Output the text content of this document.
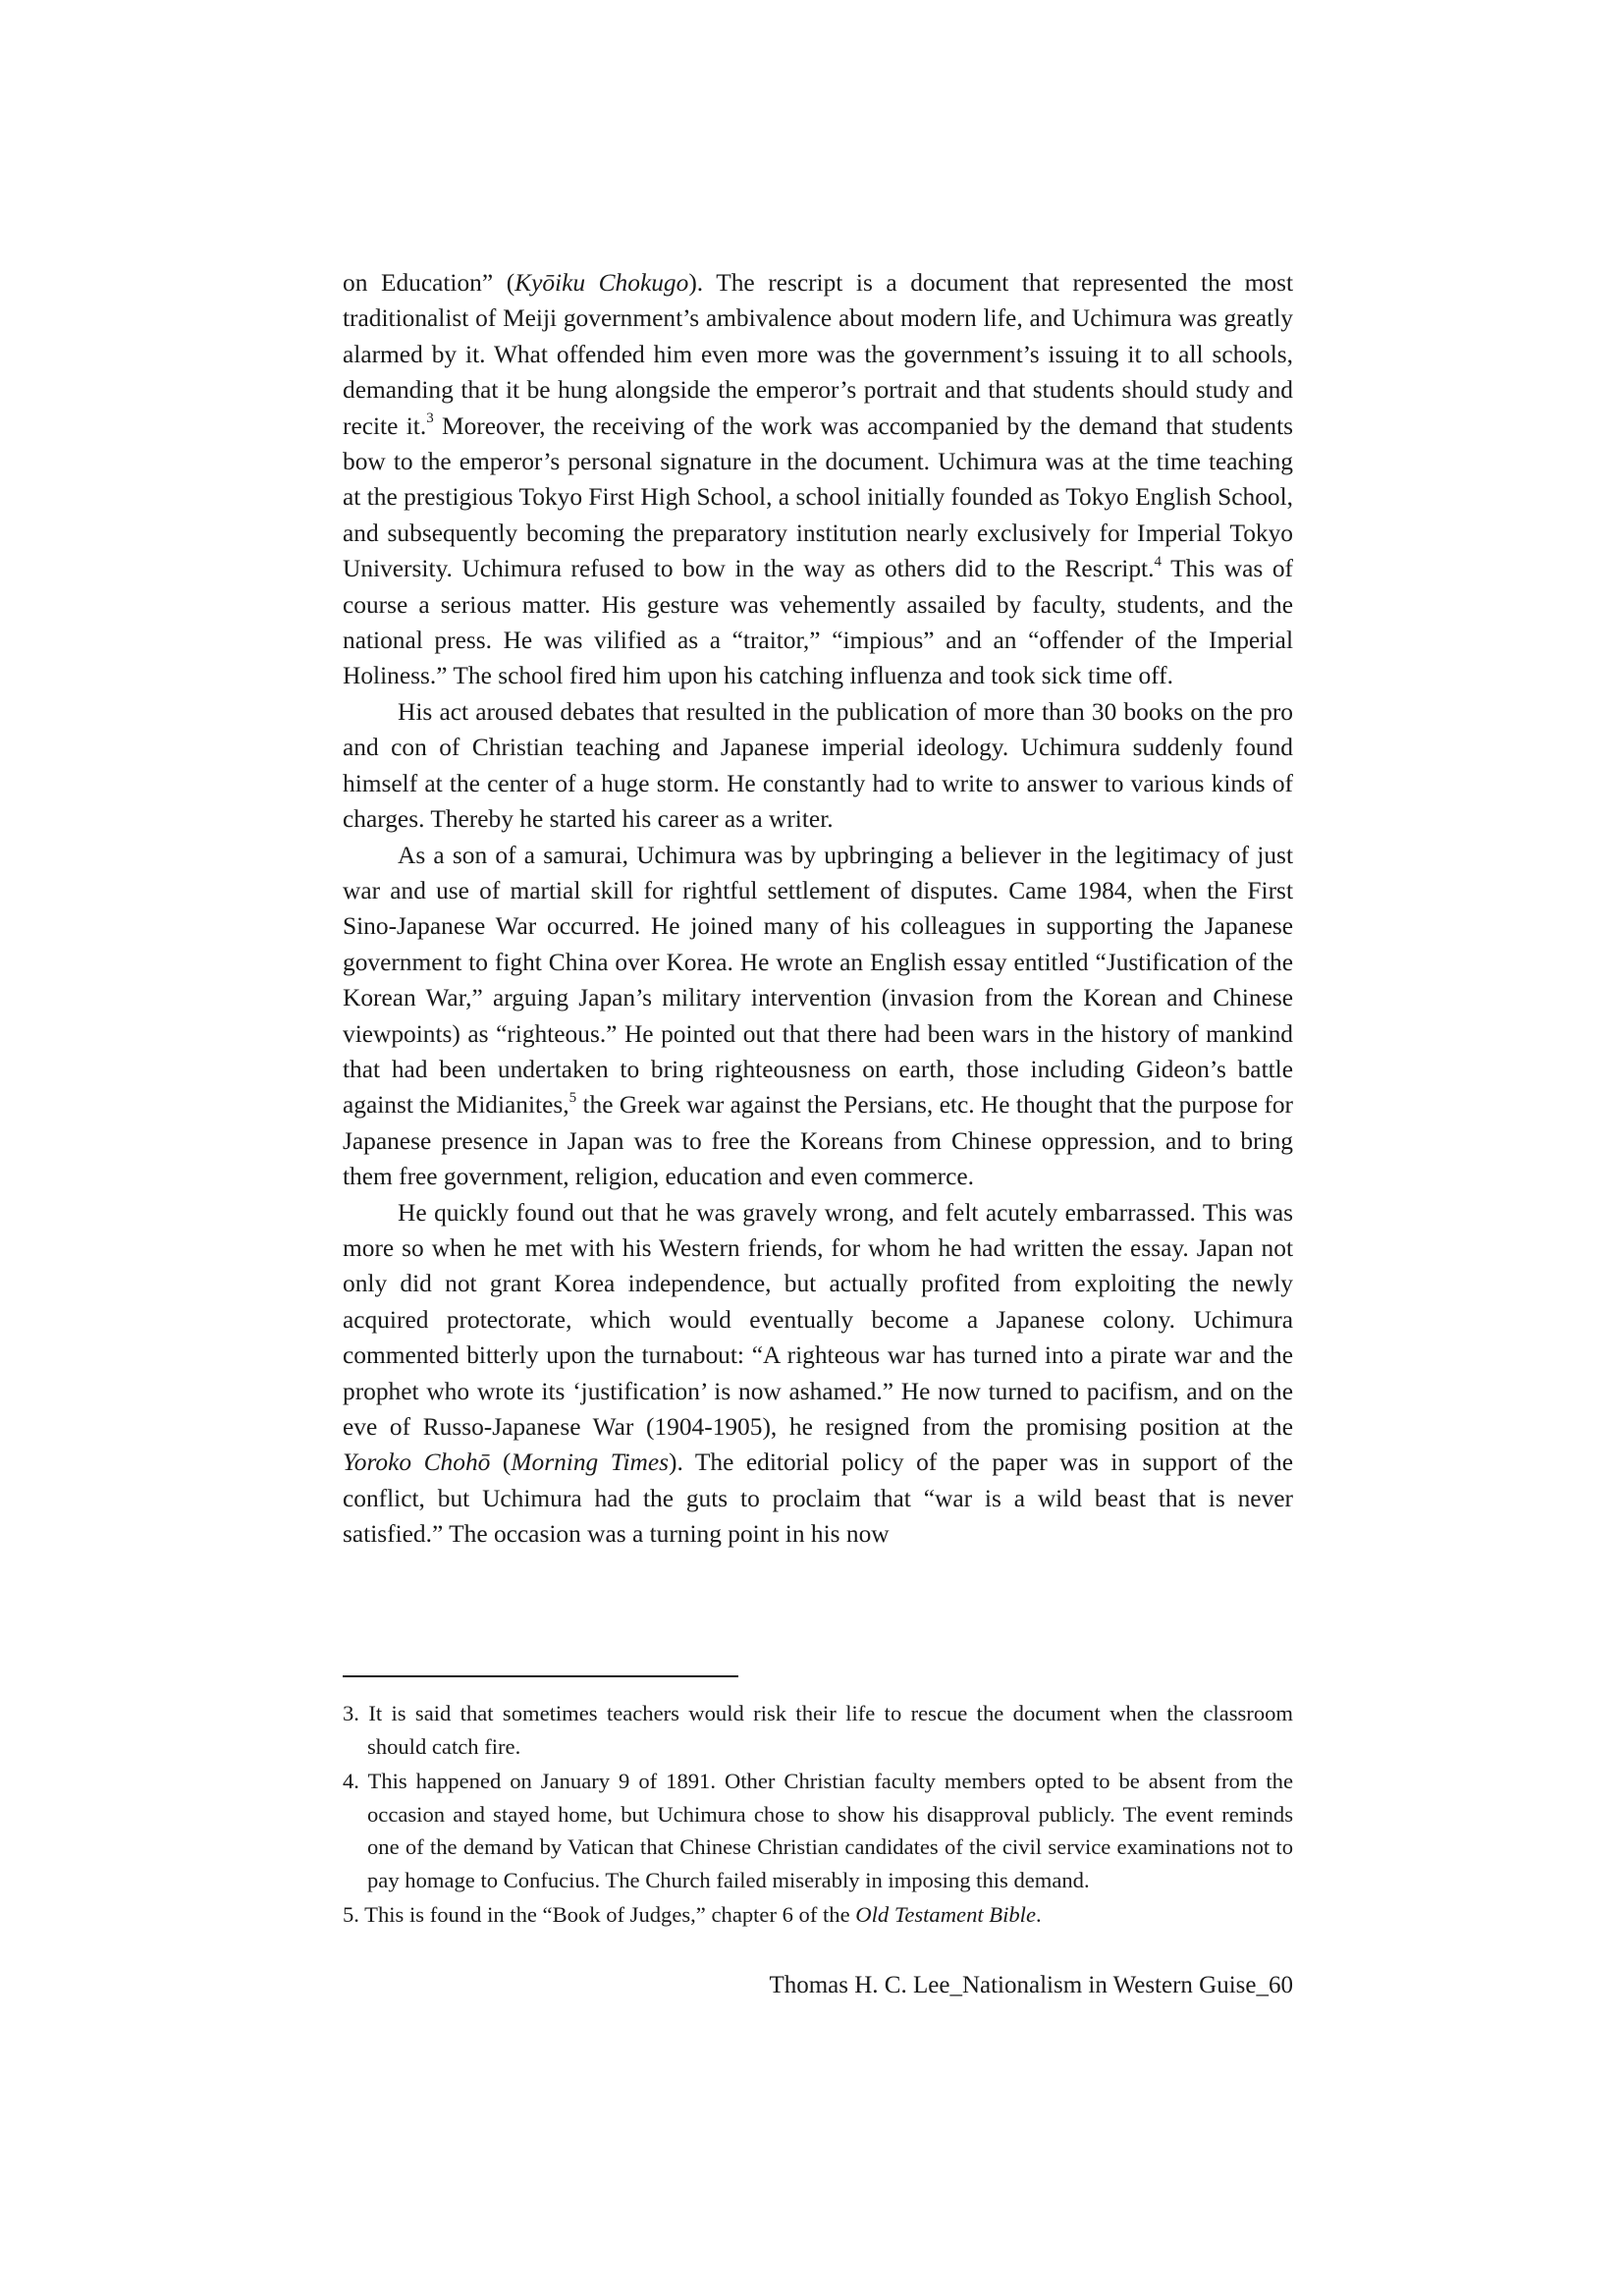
on Education” (Kyōiku Chokugo). The rescript is a document that represented the most traditionalist of Meiji government’s ambivalence about modern life, and Uchimura was greatly alarmed by it. What offended him even more was the government’s issuing it to all schools, demanding that it be hung alongside the emperor’s portrait and that students should study and recite it.$^3$ Moreover, the receiving of the work was accompanied by the demand that students bow to the emperor’s personal signature in the document. Uchimura was at the time teaching at the prestigious Tokyo First High School, a school initially founded as Tokyo English School, and subsequently becoming the preparatory institution nearly exclusively for Imperial Tokyo University. Uchimura refused to bow in the way as others did to the Rescript.$^4$ This was of course a serious matter. His gesture was vehemently assailed by faculty, students, and the national press. He was vilified as a “traitor,” “impious” and an “offender of the Imperial Holiness.” The school fired him upon his catching influenza and took sick time off.

His act aroused debates that resulted in the publication of more than 30 books on the pro and con of Christian teaching and Japanese imperial ideology. Uchimura suddenly found himself at the center of a huge storm. He constantly had to write to answer to various kinds of charges. Thereby he started his career as a writer.

As a son of a samurai, Uchimura was by upbringing a believer in the legitimacy of just war and use of martial skill for rightful settlement of disputes. Came 1984, when the First Sino-Japanese War occurred. He joined many of his colleagues in supporting the Japanese government to fight China over Korea. He wrote an English essay entitled “Justification of the Korean War,” arguing Japan’s military intervention (invasion from the Korean and Chinese viewpoints) as “righteous.” He pointed out that there had been wars in the history of mankind that had been undertaken to bring righteousness on earth, those including Gideon’s battle against the Midianites,$^5$ the Greek war against the Persians, etc. He thought that the purpose for Japanese presence in Japan was to free the Koreans from Chinese oppression, and to bring them free government, religion, education and even commerce.

He quickly found out that he was gravely wrong, and felt acutely embarrassed. This was more so when he met with his Western friends, for whom he had written the essay. Japan not only did not grant Korea independence, but actually profited from exploiting the newly acquired protectorate, which would eventually become a Japanese colony. Uchimura commented bitterly upon the turnabout: “A righteous war has turned into a pirate war and the prophet who wrote its ‘justification’ is now ashamed.” He now turned to pacifism, and on the eve of Russo-Japanese War (1904-1905), he resigned from the promising position at the Yoroko Chohō (Morning Times). The editorial policy of the paper was in support of the conflict, but Uchimura had the guts to proclaim that “war is a wild beast that is never satisfied.” The occasion was a turning point in his now

3. It is said that sometimes teachers would risk their life to rescue the document when the classroom should catch fire.
4. This happened on January 9 of 1891. Other Christian faculty members opted to be absent from the occasion and stayed home, but Uchimura chose to show his disapproval publicly. The event reminds one of the demand by Vatican that Chinese Christian candidates of the civil service examinations not to pay homage to Confucius. The Church failed miserably in imposing this demand.
5. This is found in the “Book of Judges,” chapter 6 of the Old Testament Bible.
Thomas H. C. Lee_Nationalism in Western Guise_60
